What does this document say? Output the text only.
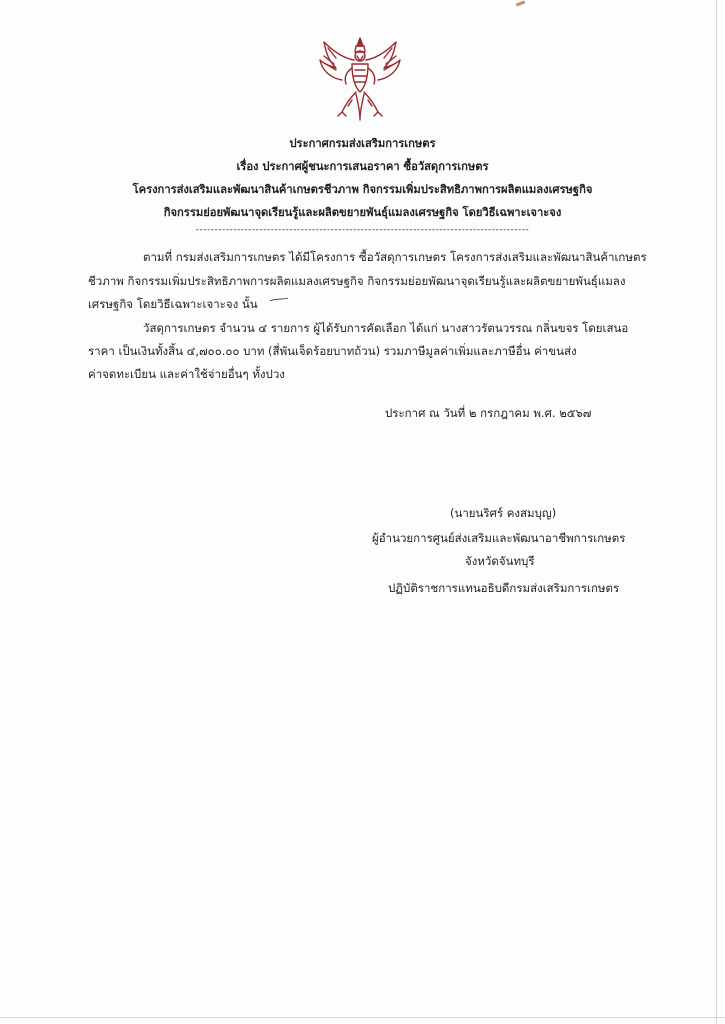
ประกาศกรมส่งเสริมการเกษตร
เรื่อง ประกาศผู้ชนะการเสนอราคา ซื้อวัสดุการเกษตร
โครงการส่งเสริมและพัฒนาสินค้าเกษตรชีวภาพ กิจกรรมเพิ่มประสิทธิภาพการผลิตแมลงเศรษฐกิจ
กิจกรรมย่อยพัฒนาจุดเรียนรู้และผลิตขยายพันธุ์แมลงเศรษฐกิจ โดยวิธีเฉพาะเจาะจง
-----------------------------------------------------------------------------------------
ตามที่ กรมส่งเสริมการเกษตร ได้มีโครงการ ซื้อวัสดุการเกษตร โครงการส่งเสริมและพัฒนาสินค้าเกษตร
ชีวภาพ กิจกรรมเพิ่มประสิทธิภาพการผลิตแมลงเศรษฐกิจ กิจกรรมย่อยพัฒนาจุดเรียนรู้และผลิตขยายพันธุ์แมลง
เศรษฐกิจ โดยวิธีเฉพาะเจาะจง นั้น
วัสดุการเกษตร จำนวน ๔ รายการ ผู้ได้รับการคัดเลือก ได้แก่ นางสาวรัตนวรรณ กลิ่นขจร โดยเสนอ
ราคา เป็นเงินทั้งสิ้น ๔,๗๐๐.๐๐ บาท (สี่พันเจ็ดร้อยบาทถ้วน) รวมภาษีมูลค่าเพิ่มและภาษีอื่น ค่าขนส่ง
ค่าจดทะเบียน และค่าใช้จ่ายอื่นๆ ทั้งปวง
ประกาศ ณ วันที่ ๒ กรกฎาคม พ.ศ. ๒๕๖๗
(นายนริศร์ คงสมบุญ)
ผู้อำนวยการศูนย์ส่งเสริมและพัฒนาอาชีพการเกษตร
จังหวัดจันทบุรี
ปฏิบัติราชการแทนอธิบดีกรมส่งเสริมการเกษตร
